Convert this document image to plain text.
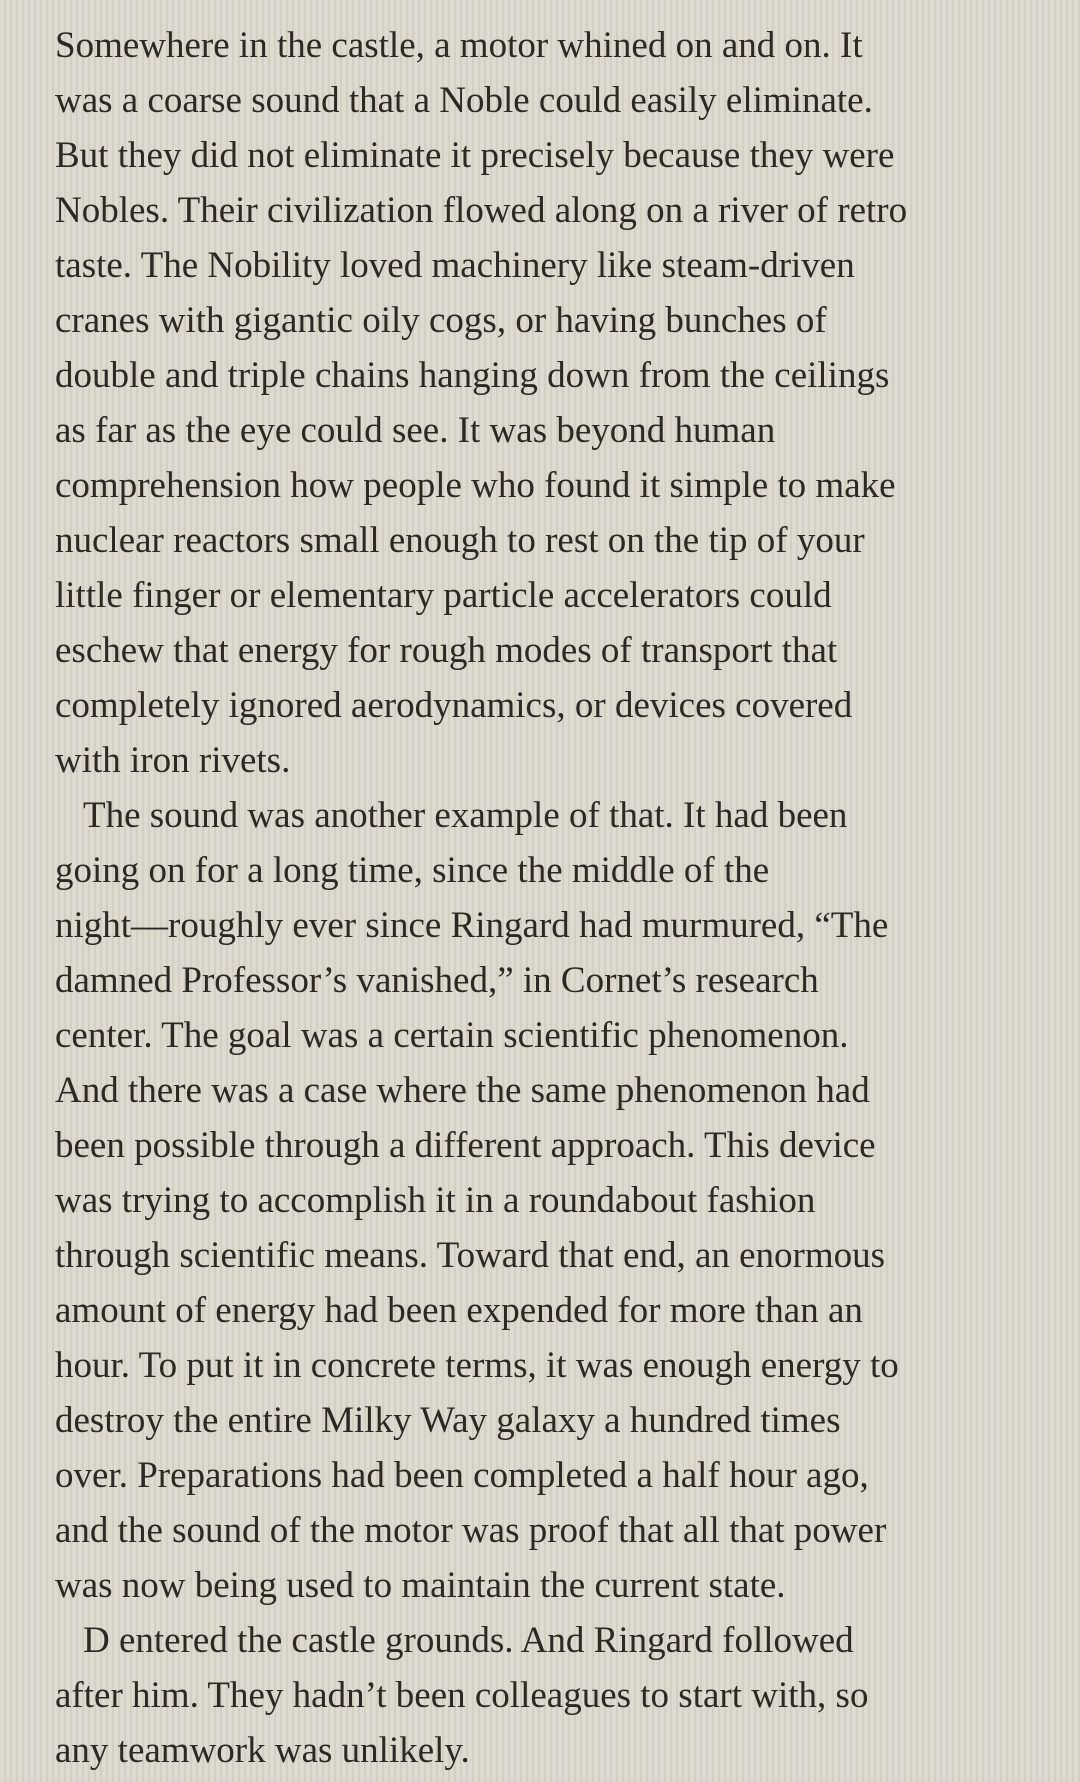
Somewhere in the castle, a motor whined on and on. It
was a coarse sound that a Noble could easily eliminate.
But they did not eliminate it precisely because they were
Nobles. Their civilization flowed along on a river of retro
taste. The Nobility loved machinery like steam-driven
cranes with gigantic oily cogs, or having bunches of
double and triple chains hanging down from the ceilings
as far as the eye could see. It was beyond human
comprehension how people who found it simple to make
nuclear reactors small enough to rest on the tip of your
little finger or elementary particle accelerators could
eschew that energy for rough modes of transport that
completely ignored aerodynamics, or devices covered
with iron rivets.
The sound was another example of that. It had been
going on for a long time, since the middle of the
night—roughly ever since Ringard had murmured, “The
damned Professor’s vanished,” in Cornet’s research
center. The goal was a certain scientific phenomenon.
And there was a case where the same phenomenon had
been possible through a different approach. This device
was trying to accomplish it in a roundabout fashion
through scientific means. Toward that end, an enormous
amount of energy had been expended for more than an
hour. To put it in concrete terms, it was enough energy to
destroy the entire Milky Way galaxy a hundred times
over. Preparations had been completed a half hour ago,
and the sound of the motor was proof that all that power
was now being used to maintain the current state.
D entered the castle grounds. And Ringard followed
after him. They hadn’t been colleagues to start with, so
any teamwork was unlikely.
